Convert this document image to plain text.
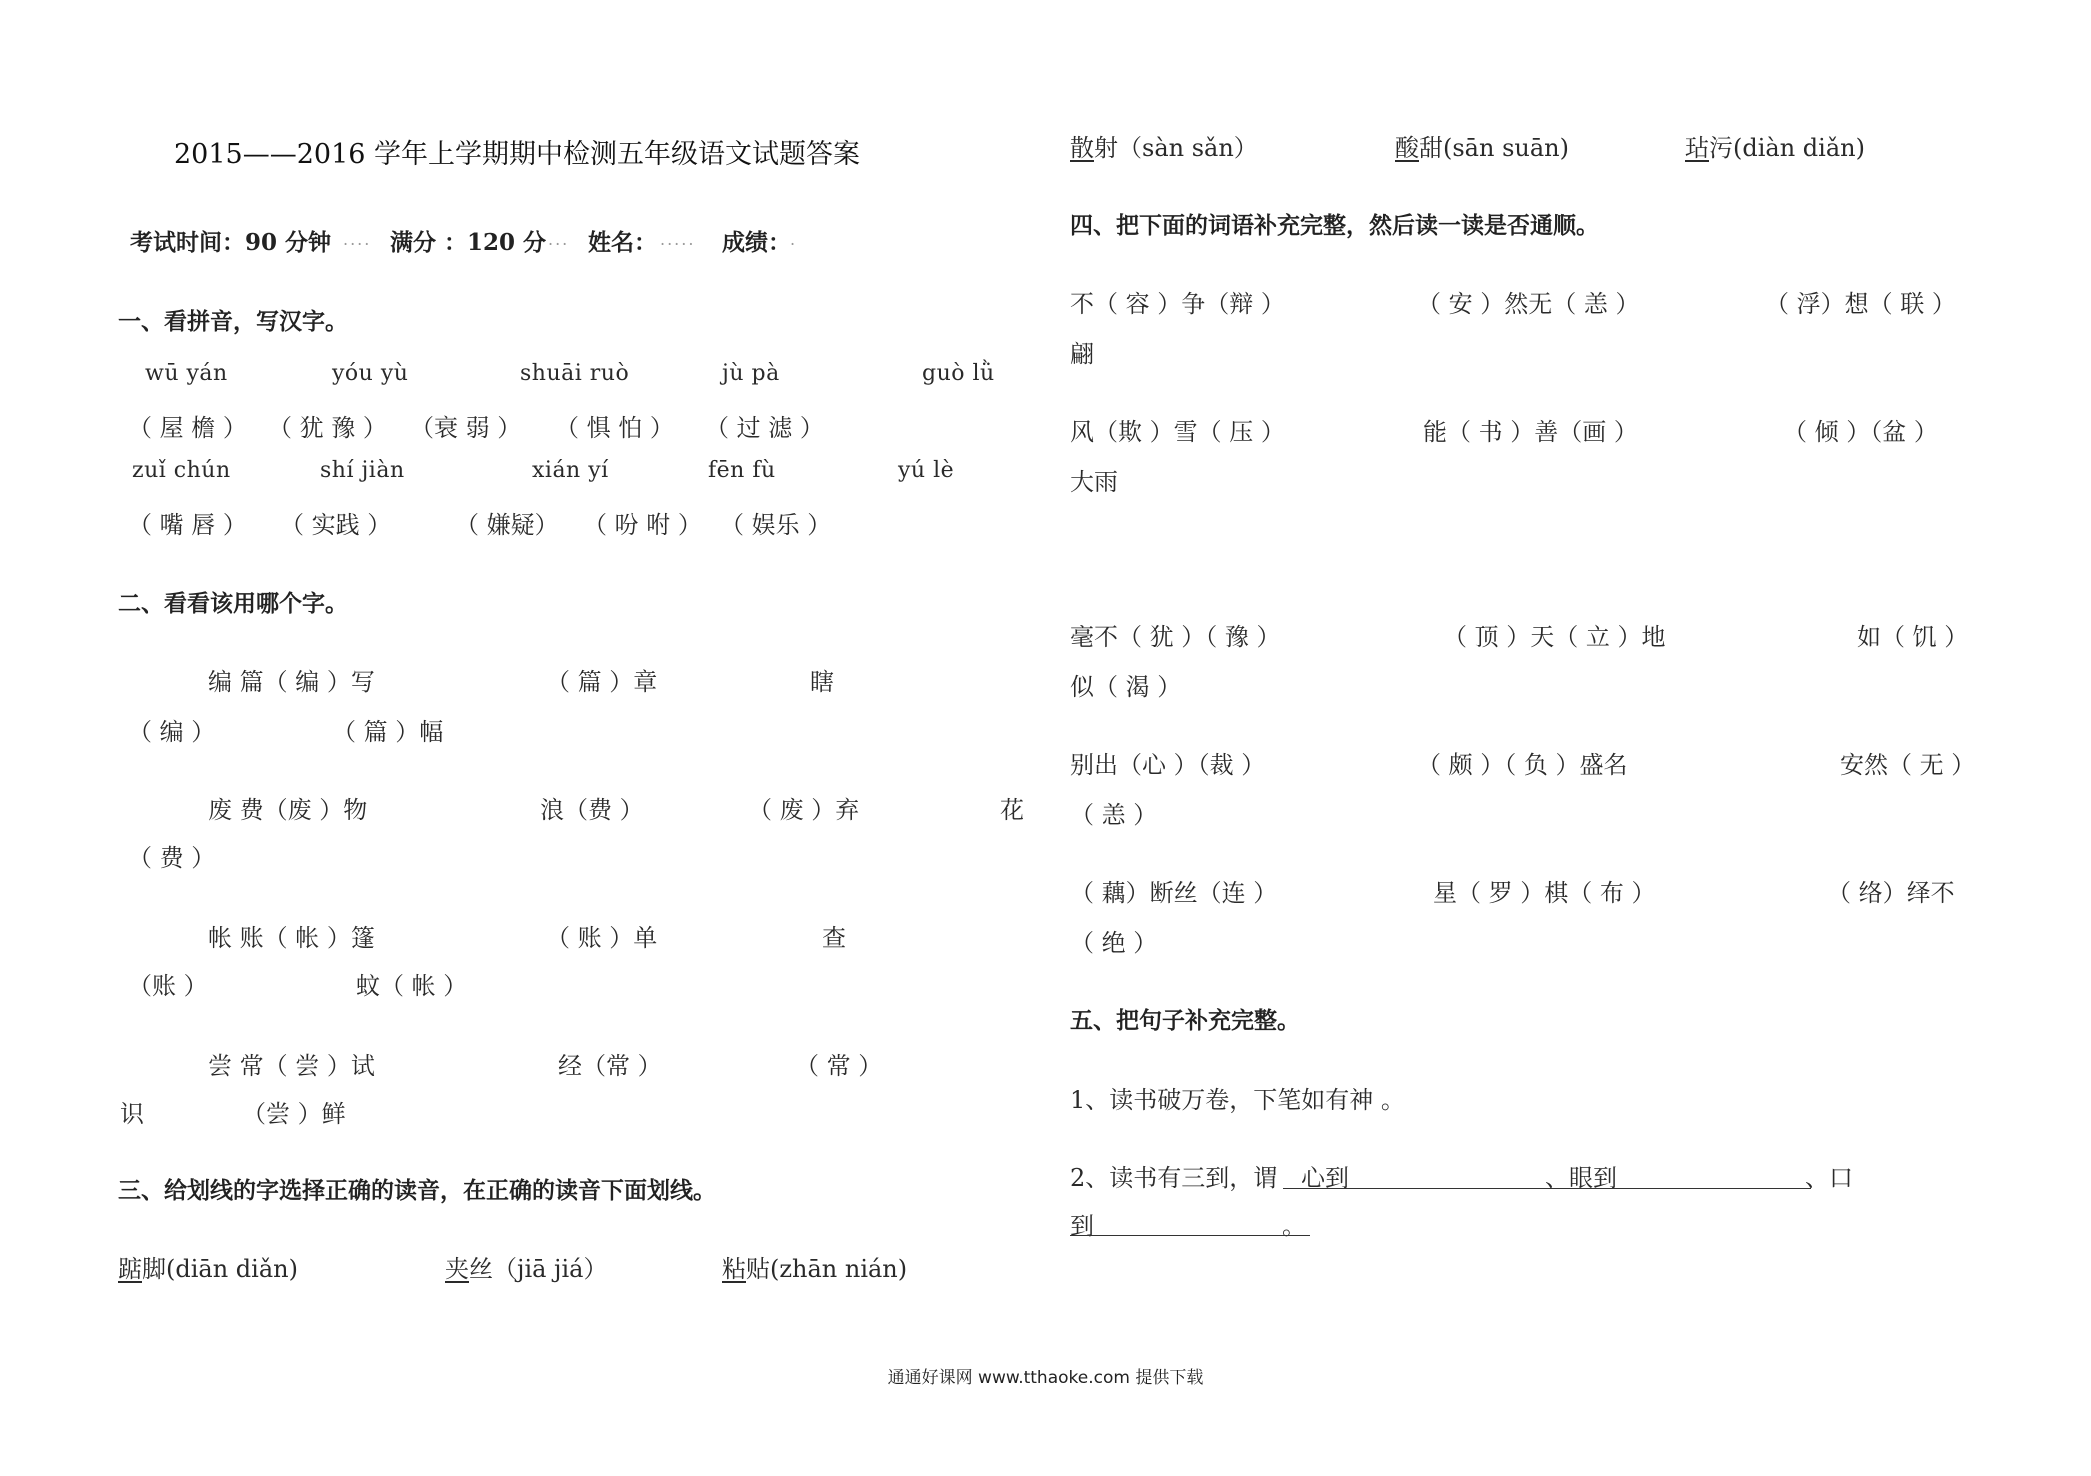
2015——2016 学年上学期期中检测五年级语文试题答案
考试时间：90 分钟 .... 满分 ：120 分 ... 姓名： ..... 成绩： .
一、看拼音，写汉字。
wū yán	yóu yù	shuāi ruò	jù pà	guò lǜ
（ 屋 檐 ） （ 犹 豫 ） （衰 弱 ） （ 惧 怕 ） （ 过 滤 ）
zuǐ chún	shí jiàn	xián yí	fēn fù	yú lè
（ 嘴 唇 ） （ 实践 ）	（ 嫌疑） （ 吩 咐 ） （ 娱乐 ）
二、看看该用哪个字。
编 篇（ 编 ）写	（ 篇 ）章	瞎
（ 编 ）	（ 篇 ）幅
废 费（废 ）物	浪（费 ）	（ 废 ）弃	花
（ 费 ）
帐 账（ 帐 ）篷	（ 账 ）单	查
（账 ）	蚊（ 帐 ）
尝 常（ 尝 ）试	经（常 ）	（ 常 ）
识	（尝 ）鲜
三、给划线的字选择正确的读音，在正确的读音下面划线。
踮脚(diān diǎn)	夹丝（jiā jiá）	粘贴(zhān nián)
散射（sàn sǎn）	酸甜(sān suān)	玷污(diàn diǎn)
四、把下面的词语补充完整，然后读一读是否通顺。
不（ 容 ）争（辩 ）	（ 安 ）然无（ 恙 ）	（ 浮）想（ 联 ）
翩
风（欺 ）雪（ 压 ）	能（ 书 ）善（画 ）	（ 倾 ）（盆 ）
大雨
毫不（ 犹 ）（ 豫 ）	（ 顶 ）天（ 立 ）地	如（ 饥 ）
似（ 渴 ）
别出（心 ）（裁 ）	（ 颇 ）（ 负 ）盛名	安然（ 无 ）
（ 恙 ）
（ 藕）断丝（连 ）	星（ 罗 ）棋（ 布 ）	（ 络）绎不
（ 绝 ）
五、把句子补充完整。
1、读书破万卷，下笔如有神 。
2、读书有三到，谓 心到	、眼到	、口
到	。
通通好课网 www.tthaoke.com 提供下载
